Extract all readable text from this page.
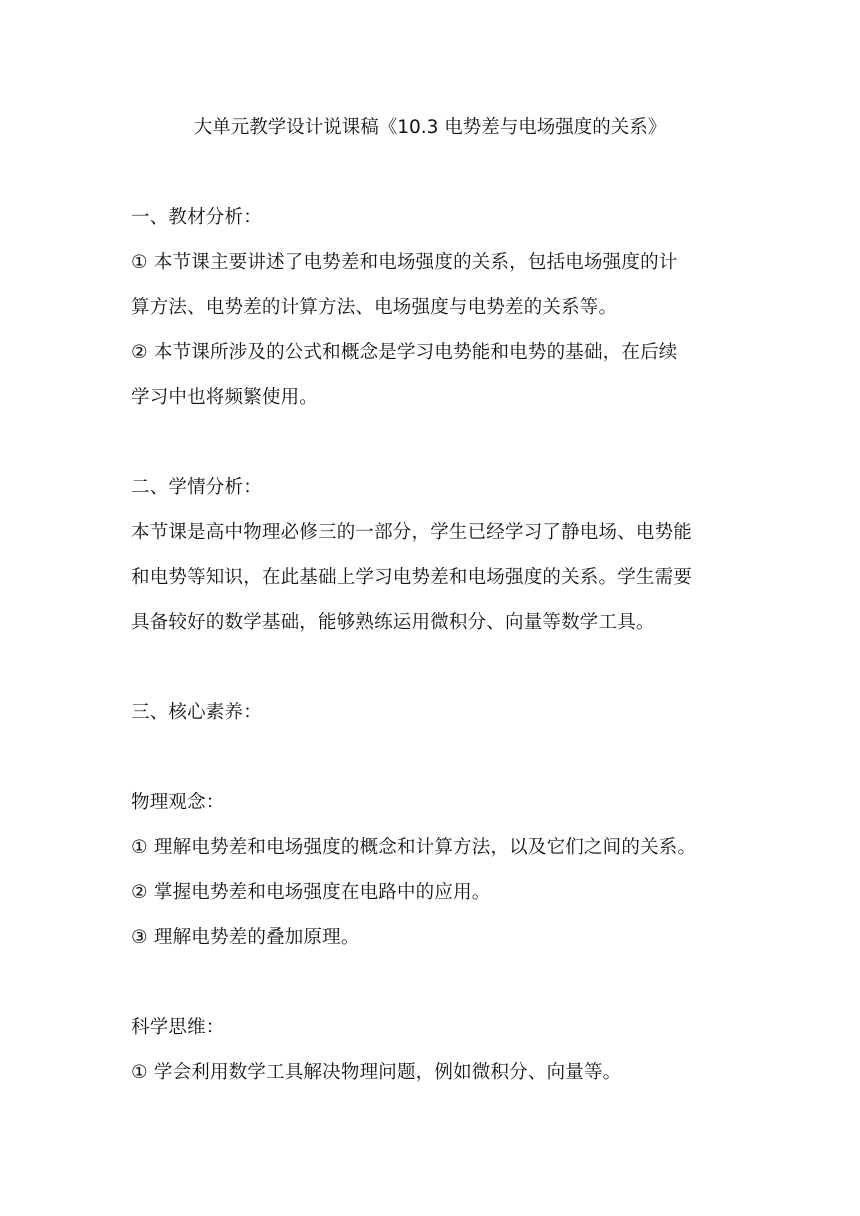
大单元教学设计说课稿《10.3 电势差与电场强度的关系》
一、教材分析：
① 本节课主要讲述了电势差和电场强度的关系，包括电场强度的计
算方法、电势差的计算方法、电场强度与电势差的关系等。
② 本节课所涉及的公式和概念是学习电势能和电势的基础，在后续
学习中也将频繁使用。
二、学情分析：
本节课是高中物理必修三的一部分，学生已经学习了静电场、电势能
和电势等知识，在此基础上学习电势差和电场强度的关系。学生需要
具备较好的数学基础，能够熟练运用微积分、向量等数学工具。
三、核心素养：
物理观念：
① 理解电势差和电场强度的概念和计算方法，以及它们之间的关系。
② 掌握电势差和电场强度在电路中的应用。
③ 理解电势差的叠加原理。
科学思维：
① 学会利用数学工具解决物理问题，例如微积分、向量等。
